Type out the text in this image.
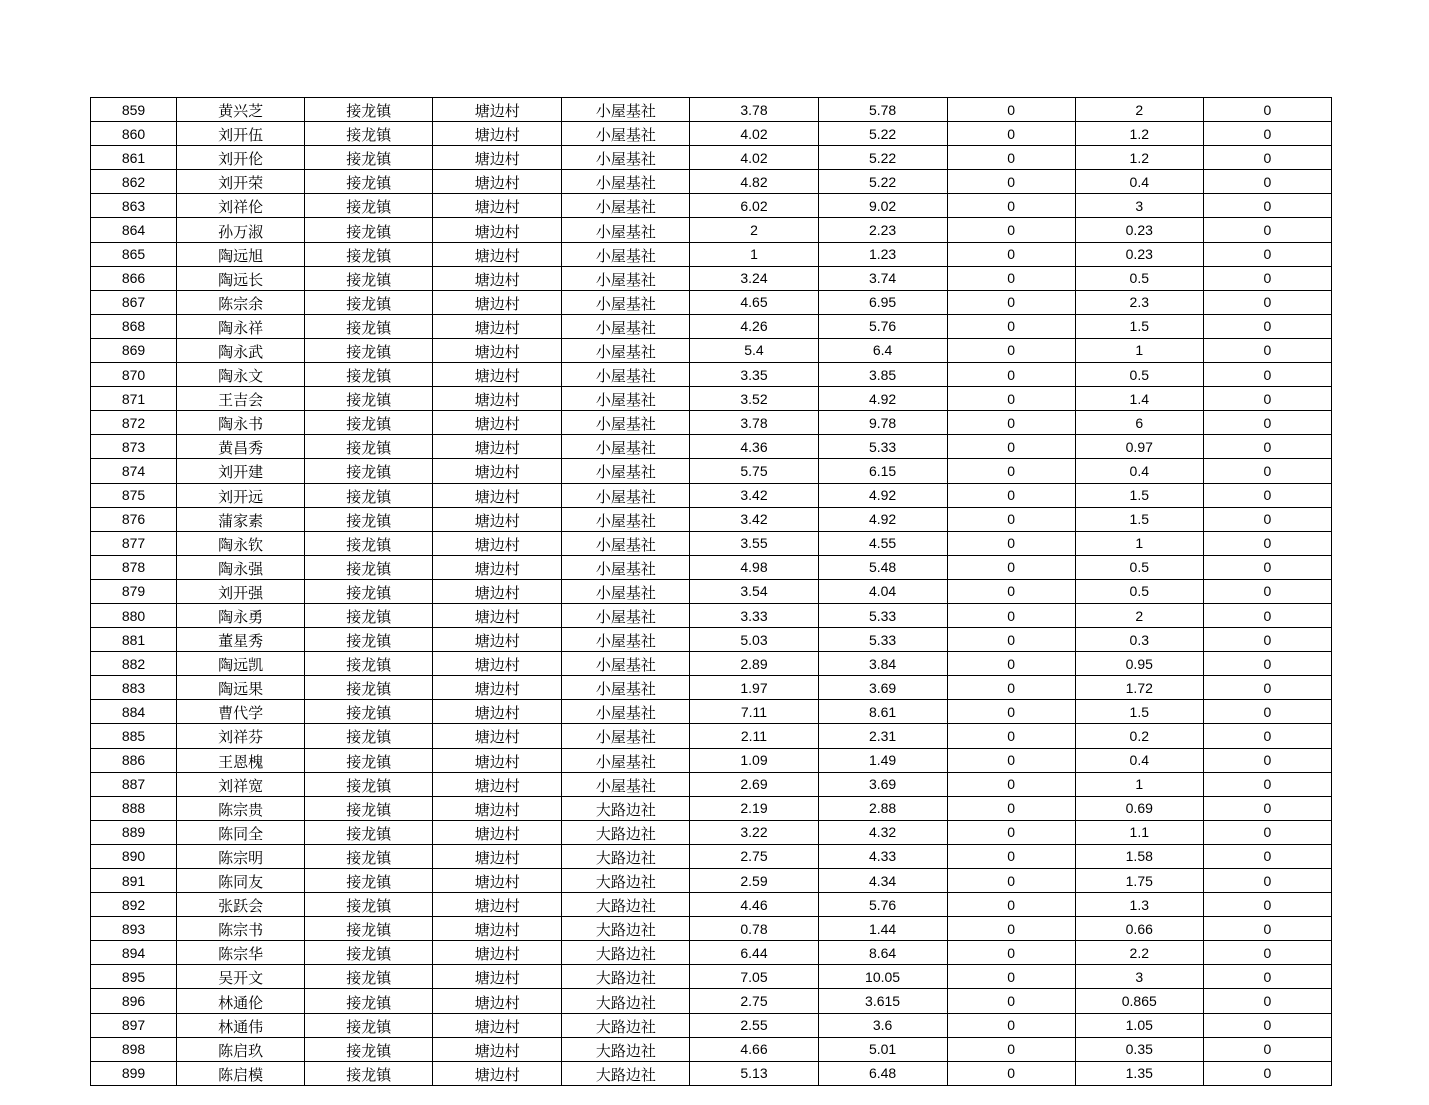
859	黄兴芝	接龙镇	塘边村	小屋基社	3.78	5.78	0	2	0
860	刘开伍	接龙镇	塘边村	小屋基社	4.02	5.22	0	1.2	0
861	刘开伦	接龙镇	塘边村	小屋基社	4.02	5.22	0	1.2	0
862	刘开荣	接龙镇	塘边村	小屋基社	4.82	5.22	0	0.4	0
863	刘祥伦	接龙镇	塘边村	小屋基社	6.02	9.02	0	3	0
864	孙万淑	接龙镇	塘边村	小屋基社	2	2.23	0	0.23	0
865	陶远旭	接龙镇	塘边村	小屋基社	1	1.23	0	0.23	0
866	陶远长	接龙镇	塘边村	小屋基社	3.24	3.74	0	0.5	0
867	陈宗余	接龙镇	塘边村	小屋基社	4.65	6.95	0	2.3	0
868	陶永祥	接龙镇	塘边村	小屋基社	4.26	5.76	0	1.5	0
869	陶永武	接龙镇	塘边村	小屋基社	5.4	6.4	0	1	0
870	陶永文	接龙镇	塘边村	小屋基社	3.35	3.85	0	0.5	0
871	王吉会	接龙镇	塘边村	小屋基社	3.52	4.92	0	1.4	0
872	陶永书	接龙镇	塘边村	小屋基社	3.78	9.78	0	6	0
873	黄昌秀	接龙镇	塘边村	小屋基社	4.36	5.33	0	0.97	0
874	刘开建	接龙镇	塘边村	小屋基社	5.75	6.15	0	0.4	0
875	刘开远	接龙镇	塘边村	小屋基社	3.42	4.92	0	1.5	0
876	蒲家素	接龙镇	塘边村	小屋基社	3.42	4.92	0	1.5	0
877	陶永钦	接龙镇	塘边村	小屋基社	3.55	4.55	0	1	0
878	陶永强	接龙镇	塘边村	小屋基社	4.98	5.48	0	0.5	0
879	刘开强	接龙镇	塘边村	小屋基社	3.54	4.04	0	0.5	0
880	陶永勇	接龙镇	塘边村	小屋基社	3.33	5.33	0	2	0
881	董星秀	接龙镇	塘边村	小屋基社	5.03	5.33	0	0.3	0
882	陶远凯	接龙镇	塘边村	小屋基社	2.89	3.84	0	0.95	0
883	陶远果	接龙镇	塘边村	小屋基社	1.97	3.69	0	1.72	0
884	曹代学	接龙镇	塘边村	小屋基社	7.11	8.61	0	1.5	0
885	刘祥芬	接龙镇	塘边村	小屋基社	2.11	2.31	0	0.2	0
886	王恩槐	接龙镇	塘边村	小屋基社	1.09	1.49	0	0.4	0
887	刘祥宽	接龙镇	塘边村	小屋基社	2.69	3.69	0	1	0
888	陈宗贵	接龙镇	塘边村	大路边社	2.19	2.88	0	0.69	0
889	陈同全	接龙镇	塘边村	大路边社	3.22	4.32	0	1.1	0
890	陈宗明	接龙镇	塘边村	大路边社	2.75	4.33	0	1.58	0
891	陈同友	接龙镇	塘边村	大路边社	2.59	4.34	0	1.75	0
892	张跃会	接龙镇	塘边村	大路边社	4.46	5.76	0	1.3	0
893	陈宗书	接龙镇	塘边村	大路边社	0.78	1.44	0	0.66	0
894	陈宗华	接龙镇	塘边村	大路边社	6.44	8.64	0	2.2	0
895	吴开文	接龙镇	塘边村	大路边社	7.05	10.05	0	3	0
896	林通伦	接龙镇	塘边村	大路边社	2.75	3.615	0	0.865	0
897	林通伟	接龙镇	塘边村	大路边社	2.55	3.6	0	1.05	0
898	陈启玖	接龙镇	塘边村	大路边社	4.66	5.01	0	0.35	0
899	陈启模	接龙镇	塘边村	大路边社	5.13	6.48	0	1.35	0
